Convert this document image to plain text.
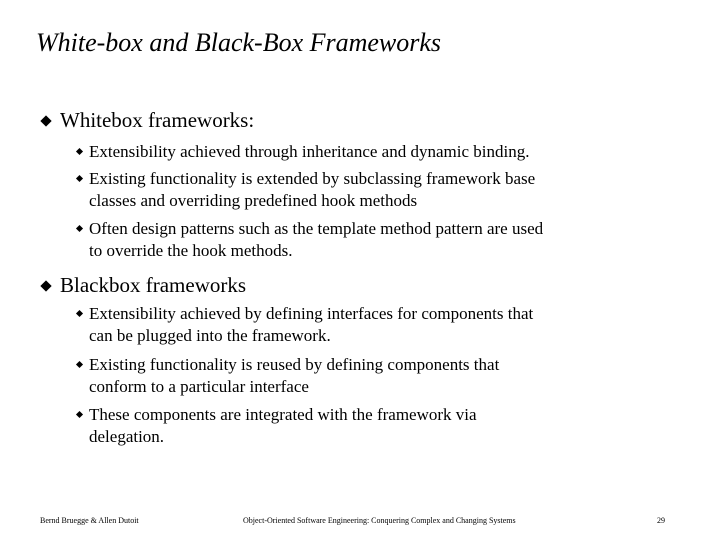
White-box and Black-Box Frameworks
Whitebox frameworks:
Extensibility achieved through inheritance and dynamic binding.
Existing functionality is extended by subclassing framework base
classes and overriding predefined hook methods
Often design patterns such as the template method pattern are used
to override the hook methods.
Blackbox frameworks
Extensibility achieved by defining interfaces for components that
can be plugged into the framework.
Existing functionality is reused by defining components that
conform to a particular interface
These components are integrated with the framework via
delegation.
Bernd Bruegge & Allen Dutoit	Object-Oriented Software Engineering: Conquering Complex and Changing Systems	29
